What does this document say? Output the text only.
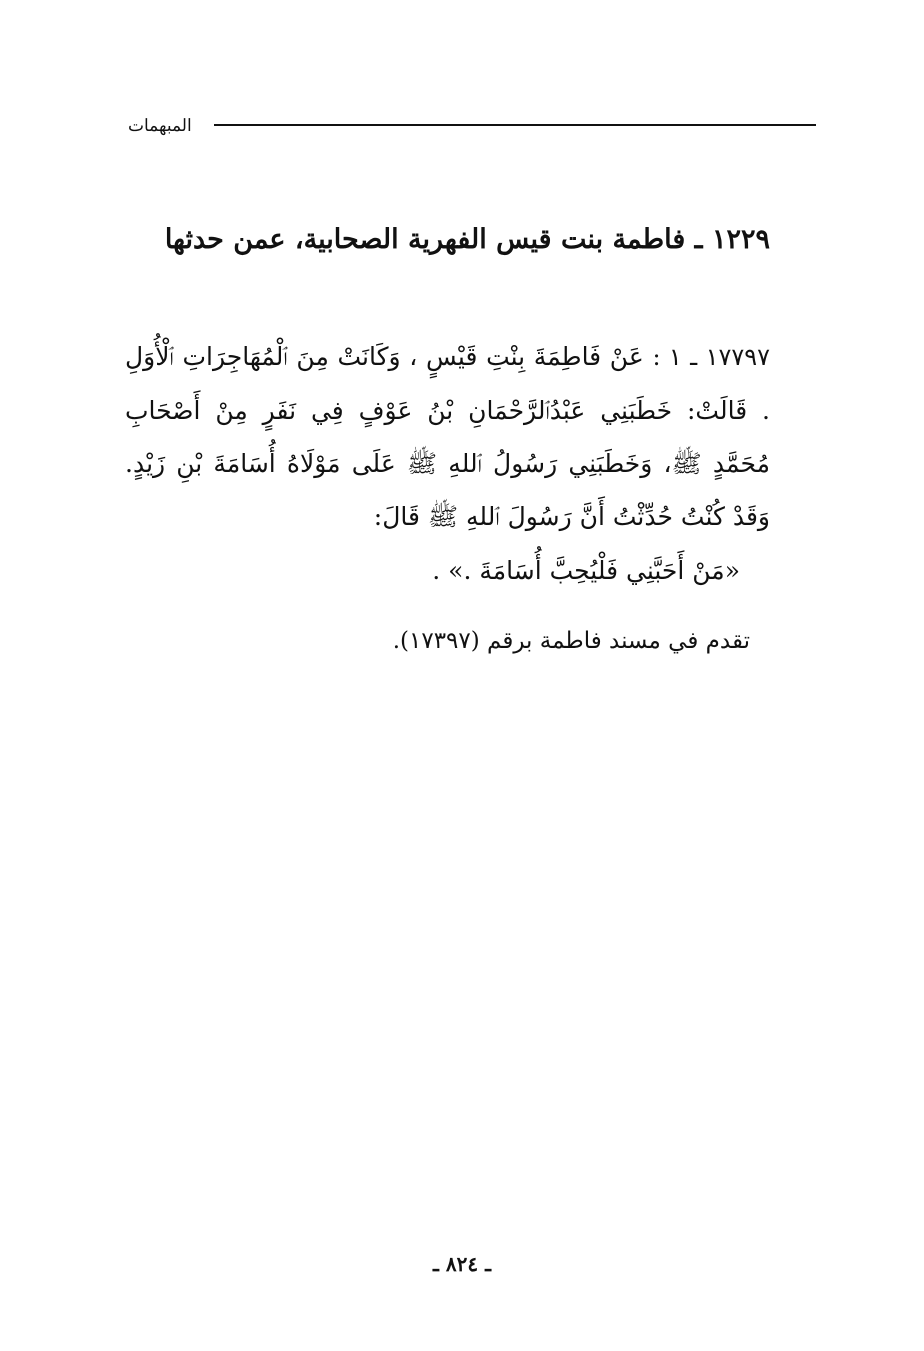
المبهمات
١٢٢٩ ـ فاطمة بنت قيس الفهرية الصحابية، عمن حدثها
١٧٧٩٧ ـ ١ : عَنْ فَاطِمَةَ بِنْتِ قَيْسٍ ، وَكَانَتْ مِنَ ٱلْمُهَاجِرَاتِ ٱلْأُوَلِ . قَالَتْ: خَطَبَنِي عَبْدُٱلرَّحْمَانِ بْنُ عَوْفٍ فِي نَفَرٍ مِنْ أَصْحَابِ مُحَمَّدٍ ﷺ، وَخَطَبَنِي رَسُولُ ٱللهِ ﷺ عَلَى مَوْلَاهُ أُسَامَةَ بْنِ زَيْدٍ. وَقَدْ كُنْتُ حُدِّثْتُ أَنَّ رَسُولَ ٱللهِ ﷺ قَالَ:
«مَنْ أَحَبَّنِي فَلْيُحِبَّ أُسَامَةَ .» .
تقدم في مسند فاطمة برقم (١٧٣٩٧).
ـ ٨٢٤ ـ
